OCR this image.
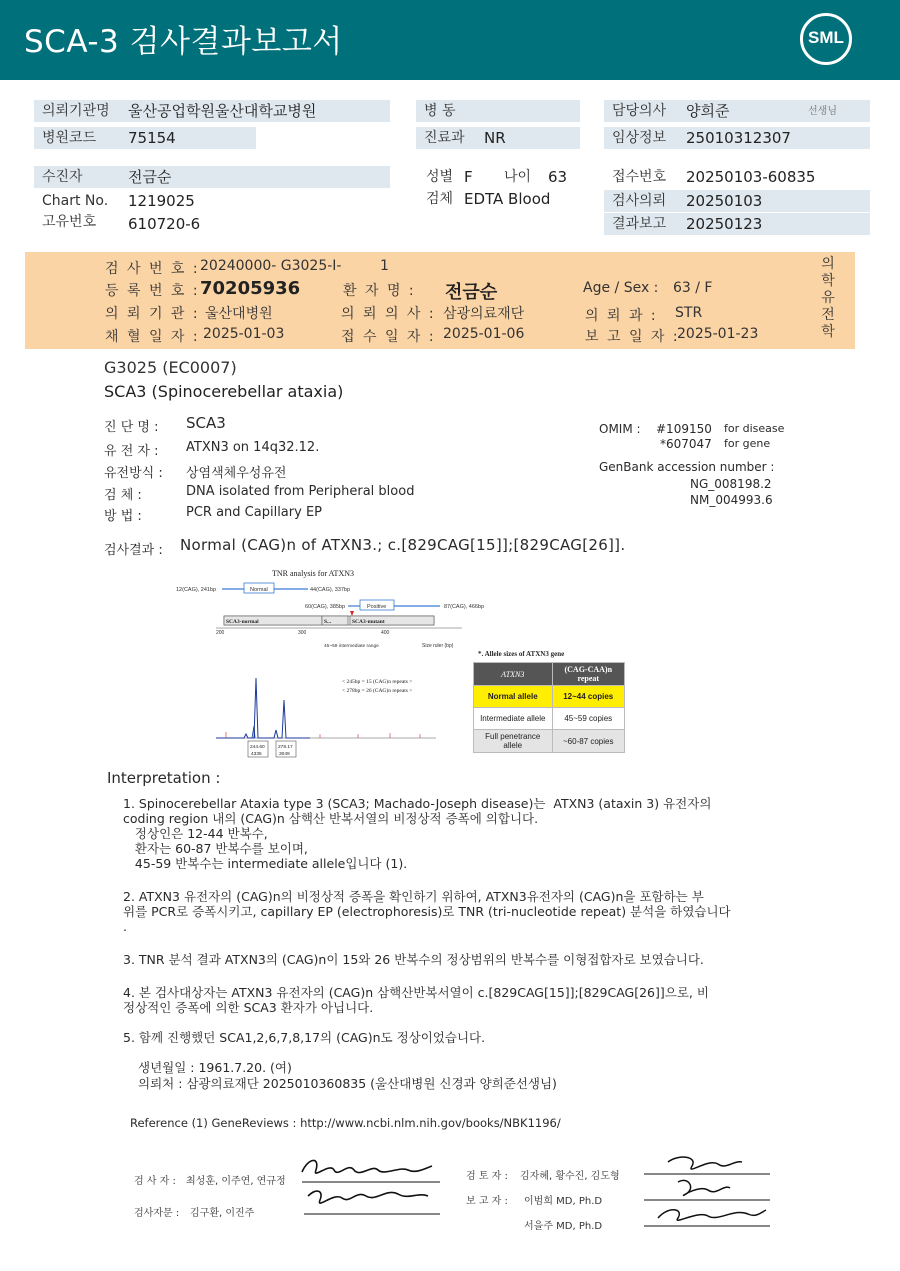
SCA-3 검사결과보고서	SML
의뢰기관명	울산공업학원울산대학교병원
병원코드	75154
병 동
진료과	NR
담당의사	양희준	선생님
임상정보	25010312307
수진자	전금순
Chart No. 1219025
고유번호 610720-6
성별 F 나이 63
검체 EDTA Blood
접수번호 20250103-60835
검사의뢰	20250103
결과보고	20250123
검 사 번 호 : 20240000- G3025-I-	1
등 록 번 호 : 70205936	환 자 명 : 전금순	Age / Sex : 63 / F
의 뢰 기 관 : 울산대병원	의 뢰 의 사 : 삼광의료재단	의 뢰 과 : STR
채 혈 일 자 : 2025-01-03	접 수 일 자 : 2025-01-06	보 고 일 자 :
2025-01-23
의학유전학
G3025 (EC0007)
SCA3 (Spinocerebellar ataxia)
진 단 명 : SCA3
유 전 자 : ATXN3 on 14q32.12.
유전방식 : 상염색체우성유전
검 체 :	DNA isolated from Peripheral blood
방 법 :	PCR and Capillary EP
OMIM : #109150 for disease
*607047 for gene
GenBank accession number :
NG_008198.2
NM_004993.6
검사결과 : Normal (CAG)n of ATXN3.; c.[829CAG[15]];[829CAG[26]].
TNR analysis for ATXN3
12(CAG), 241bp	Normal	44(CAG), 337bp
60(CAG), 385bp	Positive	87(CAG), 466bp
SCA3-normal	S...	SCA3-mutant
200	300	400
45~59 intermediate range	Size ruler (bp)
< 245bp = 15 (CAG)n repeats >
< 278bp = 26 (CAG)n repeats >
244.60
4335
278.17
3049
*. Allele sizes of ATXN3 gene
ATXN3	(CAG-CAA)n repeat
Normal allele	12~44 copies
Intermediate allele	45~59 copies
Full penetrance allele	~60-87 copies
Interpretation :
1. Spinocerebellar Ataxia type 3 (SCA3; Machado-Joseph disease)는  ATXN3 (ataxin 3) 유전자의
coding region 내의 (CAG)n 삼핵산 반복서열의 비정상적 증폭에 의합니다.
정상인은 12-44 반복수,
환자는 60-87 반복수를 보이며,
45-59 반복수는 intermediate allele입니다 (1).
2. ATXN3 유전자의 (CAG)n의 비정상적 증폭을 확인하기 위하여, ATXN3유전자의 (CAG)n을 포함하는 부
위를 PCR로 증폭시키고, capillary EP (electrophoresis)로 TNR (tri-nucleotide repeat) 분석을 하였습니다
.
3. TNR 분석 결과 ATXN3의 (CAG)n이 15와 26 반복수의 정상범위의 반복수를 이형접합자로 보였습니다.
4. 본 검사대상자는 ATXN3 유전자의 (CAG)n 삼핵산반복서열이 c.[829CAG[15]];[829CAG[26]]으로, 비
정상적인 증폭에 의한 SCA3 환자가 아닙니다.
5. 함께 진행했던 SCA1,2,6,7,8,17의 (CAG)n도 정상이었습니다.
생년월일 : 1961.7.20. (여)
의뢰처 : 삼광의료재단 2025010360835 (울산대병원 신경과 양희준선생님)
Reference (1) GeneReviews : http://www.ncbi.nlm.nih.gov/books/NBK1196/
검 사 자 : 최성훈, 이주연, 연규정
검사자문 : 김구환, 이진주
검 토 자 : 김자혜, 황수진, 김도형
보 고 자 : 이범희 MD, Ph.D
서을주 MD, Ph.D
